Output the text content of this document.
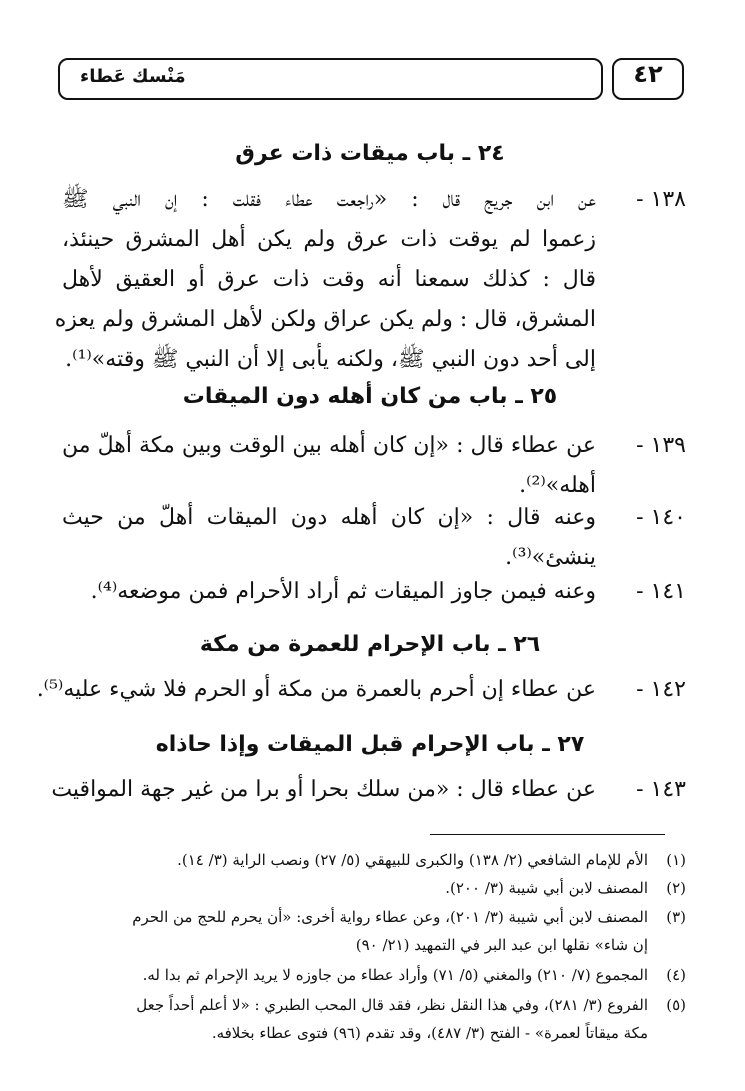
مَنْسك عَطاء	٤٢
٢٤ ـ باب ميقات ذات عرق
١٣٨ -
عن ابن جريج قال : «راجعت عطاء فقلت : إن النبي ﷺ
زعموا لم يوقت ذات عرق ولم يكن أهل المشرق حينئذ،
قال : كذلك سمعنا أنه وقت ذات عرق أو العقيق لأهل
المشرق، قال : ولم يكن عراق ولكن لأهل المشرق ولم يعزه
إلى أحد دون النبي ﷺ، ولكنه يأبى إلا أن النبي ﷺ وقته»⁽¹⁾.
٢٥ ـ باب من كان أهله دون الميقات
١٣٩ -
عن عطاء قال : «إن كان أهله بين الوقت وبين مكة أهلّ من
أهله»⁽²⁾.
١٤٠ -
وعنه قال : «إن كان أهله دون الميقات أهلّ من حيث
ينشئ»⁽³⁾.
١٤١ -
وعنه فيمن جاوز الميقات ثم أراد الأحرام فمن موضعه⁽⁴⁾.
٢٦ ـ باب الإحرام للعمرة من مكة
١٤٢ -
عن عطاء إن أحرم بالعمرة من مكة أو الحرم فلا شيء عليه⁽⁵⁾.
٢٧ ـ باب الإحرام قبل الميقات وإذا حاذاه
١٤٣ -
عن عطاء قال : «من سلك بحرا أو برا من غير جهة المواقيت
(١)
الأم للإمام الشافعي (٢/ ١٣٨) والكبرى للبيهقي (٥/ ٢٧) ونصب الراية (٣/ ١٤).
(٢)
المصنف لابن أبي شيبة (٣/ ٢٠٠).
(٣)
المصنف لابن أبي شيبة (٣/ ٢٠١)، وعن عطاء رواية أخرى: «أن يحرم للحج من الحرم
إن شاء» نقلها ابن عبد البر في التمهيد (٢١/ ٩٠)
(٤)
المجموع (٧/ ٢١٠) والمغني (٥/ ٧١) وأراد عطاء من جاوزه لا يريد الإحرام ثم بدا له.
(٥)
الفروع (٣/ ٢٨١)، وفي هذا النقل نظر، فقد قال المحب الطبري : «لا أعلم أحداً جعل
مكة ميقاتاً لعمرة» - الفتح (٣/ ٤٨٧)، وقد تقدم (٩٦) فتوى عطاء بخلافه.
